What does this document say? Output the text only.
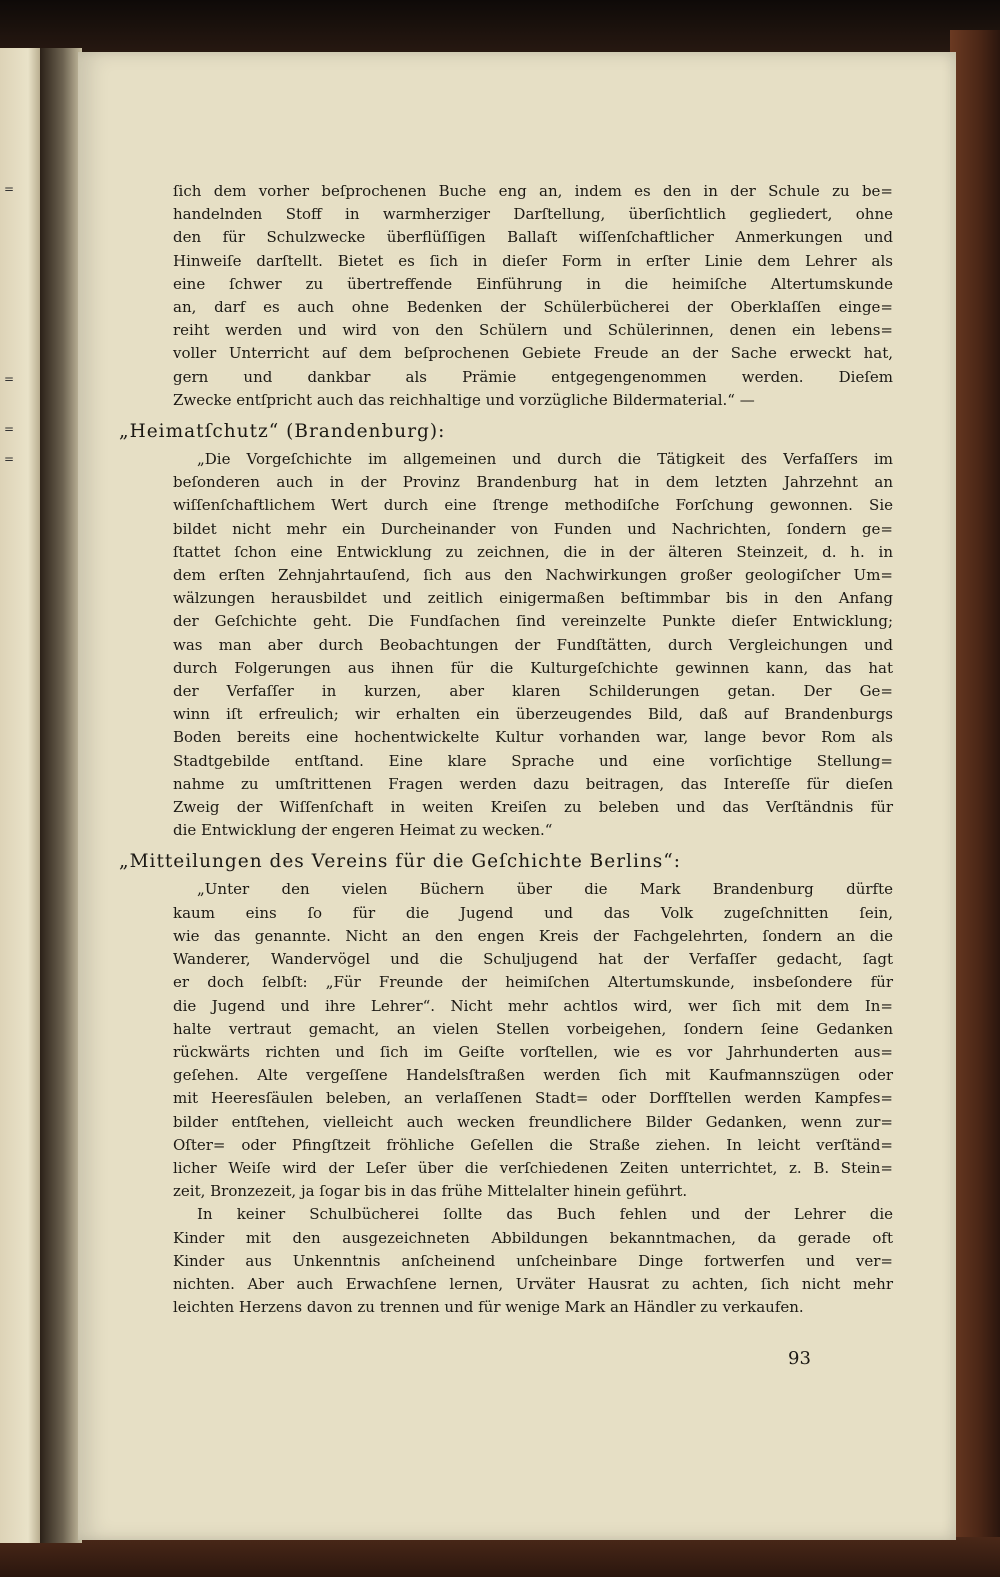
=
=
=
=
ſich dem vorher beſprochenen Buche eng an, indem es den in der Schule zu be=
handelnden Stoff in warmherziger Darſtellung, überſichtlich gegliedert, ohne
den für Schulzwecke überflüſſigen Ballaſt wiſſenſchaftlicher Anmerkungen und
Hinweiſe darſtellt. Bietet es ſich in dieſer Form in erſter Linie dem Lehrer als
eine ſchwer zu übertreffende Einführung in die heimiſche Altertumskunde
an, darf es auch ohne Bedenken der Schülerbücherei der Oberklaſſen einge=
reiht werden und wird von den Schülern und Schülerinnen, denen ein lebens=
voller Unterricht auf dem beſprochenen Gebiete Freude an der Sache erweckt hat,
gern und dankbar als Prämie entgegengenommen werden. Dieſem
Zwecke entſpricht auch das reichhaltige und vorzügliche Bildermaterial.“ —
„Heimatſchutz“ (Brandenburg):
„Die Vorgeſchichte im allgemeinen und durch die Tätigkeit des Verfaſſers im
beſonderen auch in der Provinz Brandenburg hat in dem letzten Jahrzehnt an
wiſſenſchaftlichem Wert durch eine ſtrenge methodiſche Forſchung gewonnen. Sie
bildet nicht mehr ein Durcheinander von Funden und Nachrichten, ſondern ge=
ſtattet ſchon eine Entwicklung zu zeichnen, die in der älteren Steinzeit, d. h. in
dem erſten Zehnjahrtauſend, ſich aus den Nachwirkungen großer geologiſcher Um=
wälzungen herausbildet und zeitlich einigermaßen beſtimmbar bis in den Anfang
der Geſchichte geht. Die Fundſachen ſind vereinzelte Punkte dieſer Entwicklung;
was man aber durch Beobachtungen der Fundſtätten, durch Vergleichungen und
durch Folgerungen aus ihnen für die Kulturgeſchichte gewinnen kann, das hat
der Verfaſſer in kurzen, aber klaren Schilderungen getan. Der Ge=
winn iſt erfreulich; wir erhalten ein überzeugendes Bild, daß auf Brandenburgs
Boden bereits eine hochentwickelte Kultur vorhanden war, lange bevor Rom als
Stadtgebilde entſtand. Eine klare Sprache und eine vorſichtige Stellung=
nahme zu umſtrittenen Fragen werden dazu beitragen, das Intereſſe für dieſen
Zweig der Wiſſenſchaft in weiten Kreiſen zu beleben und das Verſtändnis für
die Entwicklung der engeren Heimat zu wecken.“
„Mitteilungen des Vereins für die Geſchichte Berlins“:
„Unter den vielen Büchern über die Mark Brandenburg dürfte
kaum eins ſo für die Jugend und das Volk zugeſchnitten ſein,
wie das genannte. Nicht an den engen Kreis der Fachgelehrten, ſondern an die
Wanderer, Wandervögel und die Schuljugend hat der Verfaſſer gedacht, ſagt
er doch ſelbſt: „Für Freunde der heimiſchen Altertumskunde, insbeſondere für
die Jugend und ihre Lehrer“. Nicht mehr achtlos wird, wer ſich mit dem In=
halte vertraut gemacht, an vielen Stellen vorbeigehen, ſondern ſeine Gedanken
rückwärts richten und ſich im Geiſte vorſtellen, wie es vor Jahrhunderten aus=
geſehen. Alte vergeſſene Handelsſtraßen werden ſich mit Kaufmannszügen oder
mit Heeresſäulen beleben, an verlaſſenen Stadt= oder Dorfſtellen werden Kampfes=
bilder entſtehen, vielleicht auch wecken freundlichere Bilder Gedanken, wenn zur=
Oſter= oder Pfingſtzeit fröhliche Geſellen die Straße ziehen. In leicht verſtänd=
licher Weiſe wird der Leſer über die verſchiedenen Zeiten unterrichtet, z. B. Stein=
zeit, Bronzezeit, ja ſogar bis in das frühe Mittelalter hinein geführt.
In keiner Schulbücherei ſollte das Buch fehlen und der Lehrer die
Kinder mit den ausgezeichneten Abbildungen bekanntmachen, da gerade oft
Kinder aus Unkenntnis anſcheinend unſcheinbare Dinge fortwerfen und ver=
nichten. Aber auch Erwachſene lernen, Urväter Hausrat zu achten, ſich nicht mehr
leichten Herzens davon zu trennen und für wenige Mark an Händler zu verkaufen.
93
